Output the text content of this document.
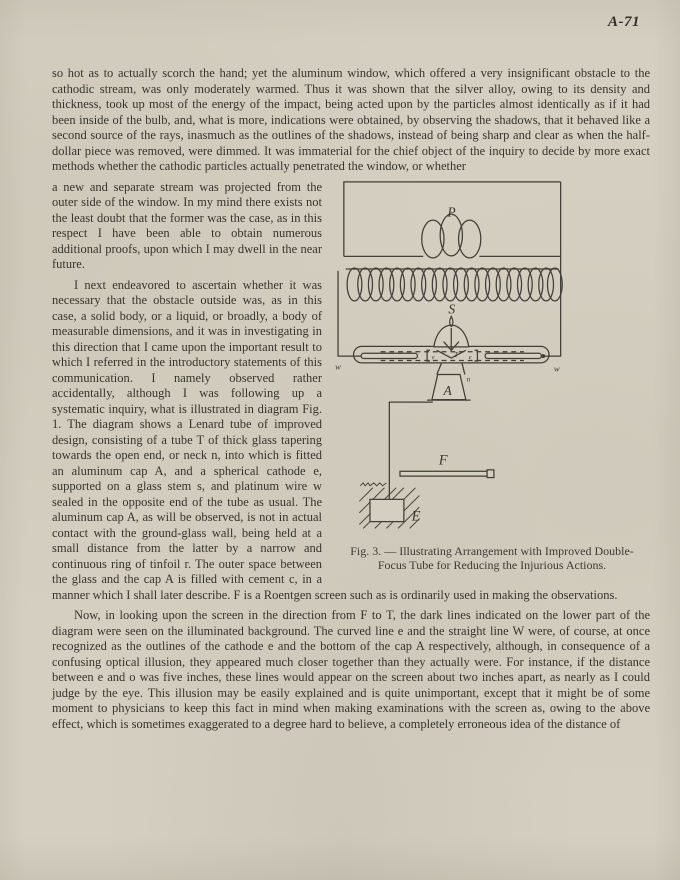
A-71

so hot as to actually scorch the hand; yet the aluminum window, which offered a very insignificant obstacle to the cathodic stream, was only moderately warmed. Thus it was shown that the silver alloy, owing to its density and thickness, took up most of the energy of the impact, being acted upon by the particles almost identically as if it had been inside of the bulb, and, what is more, indications were obtained, by observing the shadows, that it behaved like a second source of the rays, inasmuch as the outlines of the shadows, instead of being sharp and clear as when the half-dollar piece was removed, were dimmed. It was immaterial for the chief object of the inquiry to decide by more exact methods whether the cathodic particles actually penetrated the window, or whether

P
S
e	e
T
A
n
w	w
F
E
Fig. 3. — Illustrating Arrangement with Improved Double-Focus Tube for Reducing the Injurious Actions.

a new and separate stream was projected from the outer side of the window. In my mind there exists not the least doubt that the former was the case, as in this respect I have been able to obtain numerous additional proofs, upon which I may dwell in the near future.

I next endeavored to ascertain whether it was necessary that the obstacle outside was, as in this case, a solid body, or a liquid, or broadly, a body of measurable dimensions, and it was in investigating in this direction that I came upon the important result to which I referred in the introductory statements of this communication. I namely observed rather accidentally, although I was following up a systematic inquiry, what is illustrated in diagram Fig. 1. The diagram shows a Lenard tube of improved design, consisting of a tube T of thick glass tapering towards the open end, or neck n, into which is fitted an aluminum cap A, and a spherical cathode e, supported on a glass stem s, and platinum wire w sealed in the opposite end of the tube as usual. The aluminum cap A, as will be observed, is not in actual contact with the ground-glass wall, being held at a small distance from the latter by a narrow and continuous ring of tinfoil r. The outer space between the glass and the cap A is filled with cement c, in a manner which I shall later describe. F is a Roentgen screen such as is ordinarily used in making the observations.

Now, in looking upon the screen in the direction from F to T, the dark lines indicated on the lower part of the diagram were seen on the illuminated background. The curved line e and the straight line W were, of course, at once recognized as the outlines of the cathode e and the bottom of the cap A respectively, although, in consequence of a confusing optical illusion, they appeared much closer together than they actually were. For instance, if the distance between e and o was five inches, these lines would appear on the screen about two inches apart, as nearly as I could judge by the eye. This illusion may be easily explained and is quite unimportant, except that it might be of some moment to physicians to keep this fact in mind when making examinations with the screen as, owing to the above effect, which is sometimes exaggerated to a degree hard to believe, a completely erroneous idea of the distance of
